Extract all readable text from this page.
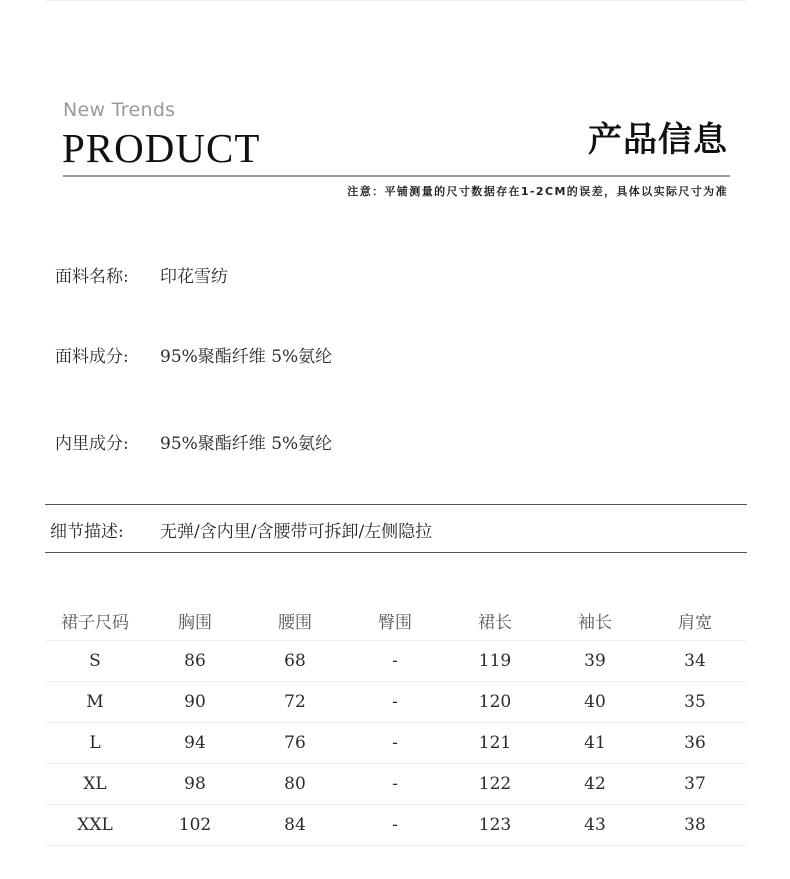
New Trends
PRODUCT	产品信息
注意：平铺测量的尺寸数据存在1-2CM的误差，具体以实际尺寸为准
面料名称: 印花雪纺
面料成分: 95%聚酯纤维 5%氨纶
内里成分: 95%聚酯纤维 5%氨纶
细节描述: 无弹/含内里/含腰带可拆卸/左侧隐拉
裙子尺码	胸围	腰围	臀围	裙长	袖长	肩宽
S	86	68	-	119	39	34
M	90	72	-	120	40	35
L	94	76	-	121	41	36
XL	98	80	-	122	42	37
XXL	102	84	-	123	43	38
